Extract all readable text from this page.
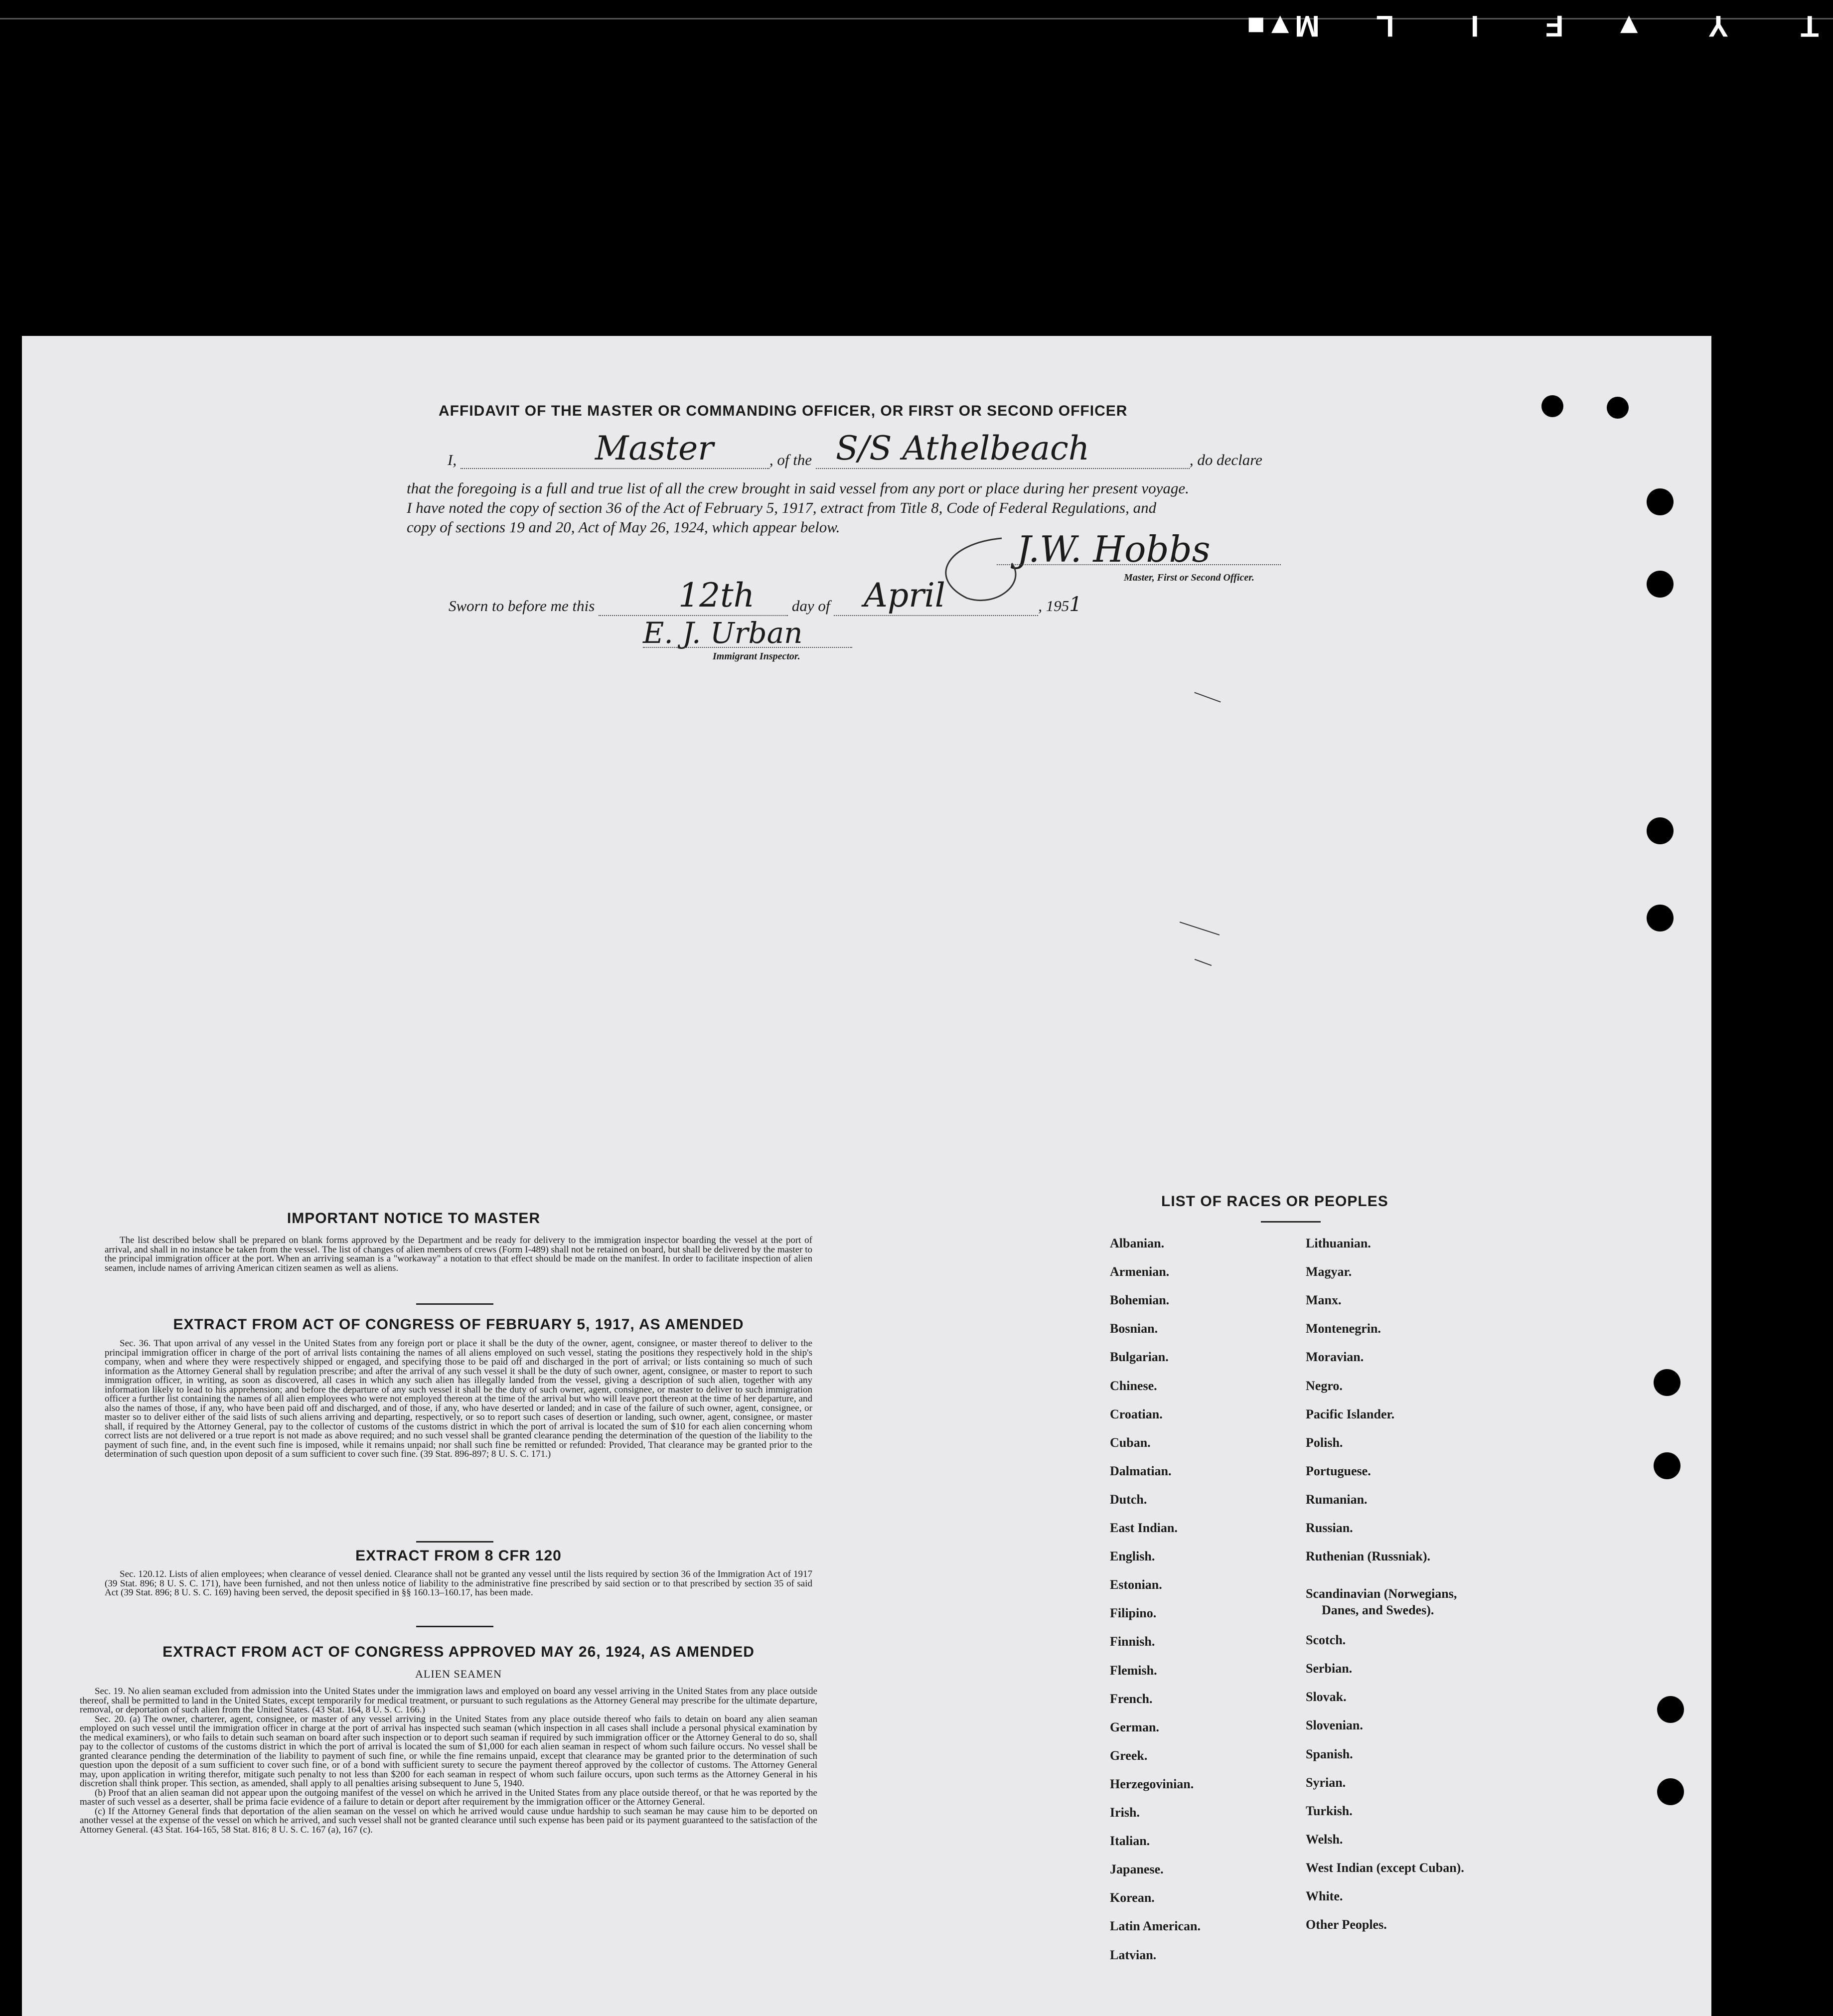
T
Y
▼
F
I
L
M
▼
■
AFFIDAVIT OF THE MASTER OR COMMANDING OFFICER, OR FIRST OR SECOND OFFICER
I,	Master	, of the S/S Athelbeach	, do declare
that the foregoing is a full and true list of all the crew brought in said vessel from any port or place during her present voyage.
I have noted the copy of section 36 of the Act of February 5, 1917, extract from Title 8, Code of Federal Regulations, and
copy of sections 19 and 20, Act of May 26, 1924, which appear below.
J.W. Hobbs
Master, First or Second Officer.
Sworn to before me this	12th day of April	, 1951
E. J. Urban
Immigrant Inspector.
IMPORTANT NOTICE TO MASTER

The list described below shall be prepared on blank forms approved by the Department and be ready for delivery to the immigration inspector boarding the vessel at the port of arrival, and shall in no instance be taken from the vessel. The list of changes of alien members of crews (Form I-489) shall not be retained on board, but shall be delivered by the master to the principal immigration officer at the port. When an arriving seaman is a "workaway" a notation to that effect should be made on the manifest. In order to facilitate inspection of alien seamen, include names of arriving American citizen seamen as well as aliens.

EXTRACT FROM ACT OF CONGRESS OF FEBRUARY 5, 1917, AS AMENDED

Sec. 36. That upon arrival of any vessel in the United States from any foreign port or place it shall be the duty of the owner, agent, consignee, or master thereof to deliver to the principal immigration officer in charge of the port of arrival lists containing the names of all aliens employed on such vessel, stating the positions they respectively hold in the ship's company, when and where they were respectively shipped or engaged, and specifying those to be paid off and discharged in the port of arrival; or lists containing so much of such information as the Attorney General shall by regulation prescribe; and after the arrival of any such vessel it shall be the duty of such owner, agent, consignee, or master to report to such immigration officer, in writing, as soon as discovered, all cases in which any such alien has illegally landed from the vessel, giving a description of such alien, together with any information likely to lead to his apprehension; and before the departure of any such vessel it shall be the duty of such owner, agent, consignee, or master to deliver to such immigration officer a further list containing the names of all alien employees who were not employed thereon at the time of the arrival but who will leave port thereon at the time of her departure, and also the names of those, if any, who have been paid off and discharged, and of those, if any, who have deserted or landed; and in case of the failure of such owner, agent, consignee, or master so to deliver either of the said lists of such aliens arriving and departing, respectively, or so to report such cases of desertion or landing, such owner, agent, consignee, or master shall, if required by the Attorney General, pay to the collector of customs of the customs district in which the port of arrival is located the sum of $10 for each alien concerning whom correct lists are not delivered or a true report is not made as above required; and no such vessel shall be granted clearance pending the determination of the question of the liability to the payment of such fine, and, in the event such fine is imposed, while it remains unpaid; nor shall such fine be remitted or refunded: Provided, That clearance may be granted prior to the determination of such question upon deposit of a sum sufficient to cover such fine. (39 Stat. 896-897; 8 U. S. C. 171.)

EXTRACT FROM 8 CFR 120

Sec. 120.12. Lists of alien employees; when clearance of vessel denied. Clearance shall not be granted any vessel until the lists required by section 36 of the Immigration Act of 1917 (39 Stat. 896; 8 U. S. C. 171), have been furnished, and not then unless notice of liability to the administrative fine prescribed by said section or to that prescribed by section 35 of said Act (39 Stat. 896; 8 U. S. C. 169) having been served, the deposit specified in §§ 160.13–160.17, has been made.

EXTRACT FROM ACT OF CONGRESS APPROVED MAY 26, 1924, AS AMENDED
ALIEN SEAMEN

Sec. 19. No alien seaman excluded from admission into the United States under the immigration laws and employed on board any vessel arriving in the United States from any place outside thereof, shall be permitted to land in the United States, except temporarily for medical treatment, or pursuant to such regulations as the Attorney General may prescribe for the ultimate departure, removal, or deportation of such alien from the United States. (43 Stat. 164, 8 U. S. C. 166.)

Sec. 20. (a) The owner, charterer, agent, consignee, or master of any vessel arriving in the United States from any place outside thereof who fails to detain on board any alien seaman employed on such vessel until the immigration officer in charge at the port of arrival has inspected such seaman (which inspection in all cases shall include a personal physical examination by the medical examiners), or who fails to detain such seaman on board after such inspection or to deport such seaman if required by such immigration officer or the Attorney General to do so, shall pay to the collector of customs of the customs district in which the port of arrival is located the sum of $1,000 for each alien seaman in respect of whom such failure occurs. No vessel shall be granted clearance pending the determination of the liability to payment of such fine, or while the fine remains unpaid, except that clearance may be granted prior to the determination of such question upon the deposit of a sum sufficient to cover such fine, or of a bond with sufficient surety to secure the payment thereof approved by the collector of customs. The Attorney General may, upon application in writing therefor, mitigate such penalty to not less than $200 for each seaman in respect of whom such failure occurs, upon such terms as the Attorney General in his discretion shall think proper. This section, as amended, shall apply to all penalties arising subsequent to June 5, 1940.

(b) Proof that an alien seaman did not appear upon the outgoing manifest of the vessel on which he arrived in the United States from any place outside thereof, or that he was reported by the master of such vessel as a deserter, shall be prima facie evidence of a failure to detain or deport after requirement by the immigration officer or the Attorney General.

(c) If the Attorney General finds that deportation of the alien seaman on the vessel on which he arrived would cause undue hardship to such seaman he may cause him to be deported on another vessel at the expense of the vessel on which he arrived, and such vessel shall not be granted clearance until such expense has been paid or its payment guaranteed to the satisfaction of the Attorney General. (43 Stat. 164-165, 58 Stat. 816; 8 U. S. C. 167 (a), 167 (c).

LIST OF RACES OR PEOPLES
Albanian.
Armenian.
Bohemian.
Bosnian.
Bulgarian.
Chinese.
Croatian.
Cuban.
Dalmatian.
Dutch.
East Indian.
English.
Estonian.
Filipino.
Finnish.
Flemish.
French.
German.
Greek.
Herzegovinian.
Irish.
Italian.
Japanese.
Korean.
Latin American.
Latvian.
Lithuanian.
Magyar.
Manx.
Montenegrin.
Moravian.
Negro.
Pacific Islander.
Polish.
Portuguese.
Rumanian.
Russian.
Ruthenian (Russniak).
Scandinavian (Norwegians,
Danes, and Swedes).
Scotch.
Serbian.
Slovak.
Slovenian.
Spanish.
Syrian.
Turkish.
Welsh.
West Indian (except Cuban).
White.
Other Peoples.
